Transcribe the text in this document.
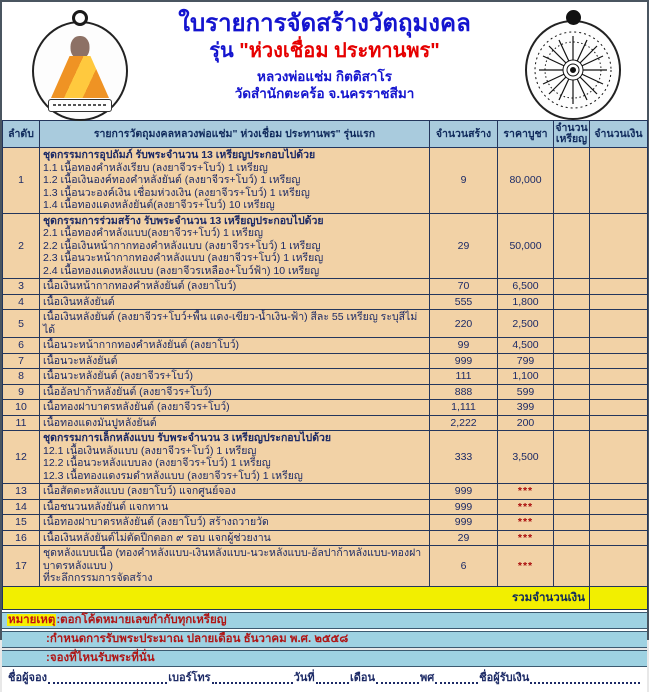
ใบรายการจัดสร้างวัตถุมงคล
รุ่น "ห่วงเชื่อม ประทานพร"
หลวงพ่อแช่ม กิตติสาโร
วัดสำนักตะคร้อ จ.นครราชสีมา
ลำดับ	รายการวัตถุมงคลหลวงพ่อแช่ม" ห่วงเชื่อม ประทานพร" รุ่นแรก	จำนวนสร้าง	ราคาบูชา	จำนวน เหรียญ	จำนวนเงิน
1	ชุดกรรมการอุปถัมภ์ รับพระจำนวน 13 เหรียญประกอบไปด้วย
1.1 เนื้อทองคำหลังเรียบ (ลงยาจีวร+โบว์) 1 เหรียญ
1.2 เนื้อเงินองค์ทองคำหลังยันต์ (ลงยาจีวร+โบว์) 1 เหรียญ
1.3 เนื้อนวะองค์เงิน เชื่อมห่วงเงิน (ลงยาจีวร+โบว์) 1 เหรียญ
1.4 เนื้อทองแดงหลังยันต์(ลงยาจีวร+โบว์) 10 เหรียญ	9	80,000		
2	ชุดกรรมการร่วมสร้าง รับพระจำนวน 13 เหรียญประกอบไปด้วย
2.1 เนื้อทองคำหลังแบบ(ลงยาจีวร+โบว์) 1 เหรียญ
2.2 เนื้อเงินหน้ากากทองคำหลังแบบ (ลงยาจีวร+โบว์) 1 เหรียญ
2.3 เนื้อนวะหน้ากากทองคำหลังแบบ (ลงยาจีวร+โบว์) 1 เหรียญ
2.4 เนื้อทองแดงหลังแบบ (ลงยาจีวรเหลือง+โบว์ฟ้า) 10 เหรียญ	29	50,000		
3	เนื้อเงินหน้ากากทองคำหลังยันต์ (ลงยาโบว์)	70	6,500		
4	เนื้อเงินหลังยันต์	555	1,800		
5	เนื้อเงินหลังยันต์ (ลงยาจีวร+โบว์+พื้น แดง-เขียว-น้ำเงิน-ฟ้า) สีละ 55 เหรียญ ระบุสีไม่ได้	220	2,500		
6	เนื้อนวะหน้ากากทองคำหลังยันต์ (ลงยาโบว์)	99	4,500		
7	เนื้อนวะหลังยันต์	999	799		
8	เนื้อนวะหลังยันต์ (ลงยาจีวร+โบว์)	111	1,100		
9	เนื้ออัลปาก้าหลังยันต์ (ลงยาจีวร+โบว์)	888	599		
10	เนื้อทองฝาบาตรหลังยันต์ (ลงยาจีวร+โบว์)	1,111	399		
11	เนื้อทองแดงมันปูหลังยันต์	2,222	200		
12	ชุดกรรมการเล็กหลังแบบ รับพระจำนวน 3 เหรียญประกอบไปด้วย
12.1 เนื้อเงินหลังแบบ (ลงยาจีวร+โบว์) 1 เหรียญ
12.2 เนื้อนวะหลังแบบลง (ลงยาจีวร+โบว์) 1 เหรียญ
12.3 เนื้อทองแดงรมดำหลังแบบ (ลงยาจีวร+โบว์) 1 เหรียญ	333	3,500		
13	เนื้อสัตตะหลังแบบ (ลงยาโบว์) แจกศูนย์จอง	999	***		
14	เนื้อชนวนหลังยันต์ แจกทาน	999	***		
15	เนื้อทองฝาบาตรหลังยันต์ (ลงยาโบว์) สร้างถวายวัด	999	***		
16	เนื้อเงินหลังยันต์ไม่ตัดปีกตอก ๙ รอบ แจกผู้ช่วยงาน	29	***		
17	ชุดหลังแบบเนื้อ (ทองคำหลังแบบ-เงินหลังแบบ-นวะหลังแบบ-อัลปาก้าหลังแบบ-ทองฝาบาตรหลังแบบ )
ที่ระลึกกรรมการจัดสร้าง	6	***		
รวมจำนวนเงิน					
หมายเหตุ:ตอกโค้ดหมายเลขกำกับทุกเหรียญ
:กำหนดการรับพระประมาณ ปลายเดือน ธันวาคม พ.ศ. ๒๕๕๘
:จองที่ไหนรับพระที่นั่น
ชื่อผู้จอง	เบอร์โทร	วันที่	เดือน	พศ	ชื่อผู้รับเงิน
